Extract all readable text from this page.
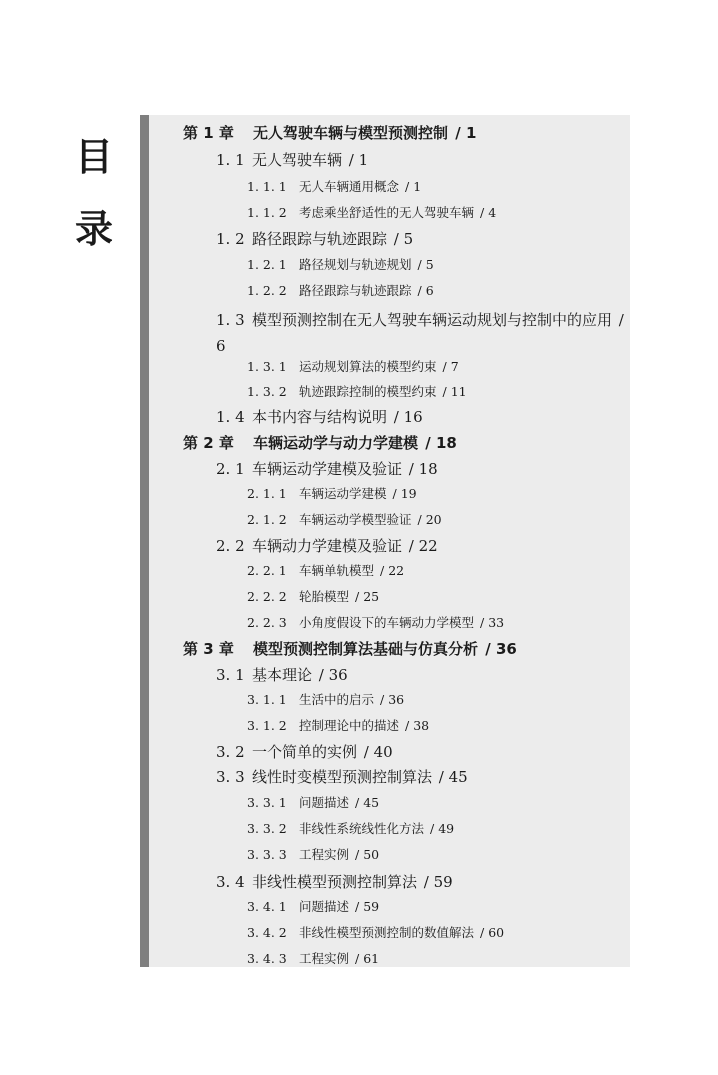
目
录
第 1 章 无人驾驶车辆与模型预测控制 / 1
1. 1 无人驾驶车辆 / 1
1. 1. 1 无人车辆通用概念 / 1
1. 1. 2 考虑乘坐舒适性的无人驾驶车辆 / 4
1. 2 路径跟踪与轨迹跟踪 / 5
1. 2. 1 路径规划与轨迹规划 / 5
1. 2. 2 路径跟踪与轨迹跟踪 / 6
1. 3 模型预测控制在无人驾驶车辆运动规划与控制中的应用 / 6
1. 3. 1 运动规划算法的模型约束 / 7
1. 3. 2 轨迹跟踪控制的模型约束 / 11
1. 4 本书内容与结构说明 / 16
第 2 章 车辆运动学与动力学建模 / 18
2. 1 车辆运动学建模及验证 / 18
2. 1. 1 车辆运动学建模 / 19
2. 1. 2 车辆运动学模型验证 / 20
2. 2 车辆动力学建模及验证 / 22
2. 2. 1 车辆单轨模型 / 22
2. 2. 2 轮胎模型 / 25
2. 2. 3 小角度假设下的车辆动力学模型 / 33
第 3 章 模型预测控制算法基础与仿真分析 / 36
3. 1 基本理论 / 36
3. 1. 1 生活中的启示 / 36
3. 1. 2 控制理论中的描述 / 38
3. 2 一个简单的实例 / 40
3. 3 线性时变模型预测控制算法 / 45
3. 3. 1 问题描述 / 45
3. 3. 2 非线性系统线性化方法 / 49
3. 3. 3 工程实例 / 50
3. 4 非线性模型预测控制算法 / 59
3. 4. 1 问题描述 / 59
3. 4. 2 非线性模型预测控制的数值解法 / 60
3. 4. 3 工程实例 / 61
